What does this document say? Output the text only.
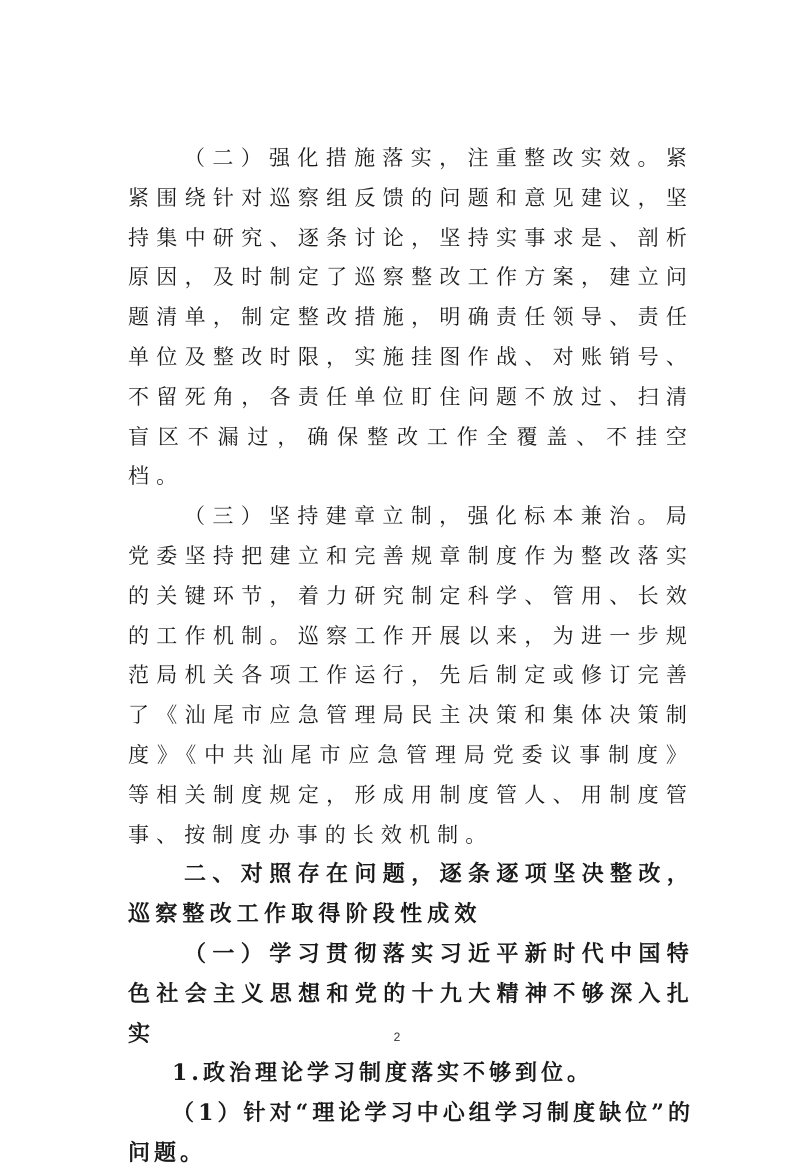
（二）强化措施落实，注重整改实效。紧紧围绕针对巡察组反馈的问题和意见建议，坚持集中研究、逐条讨论，坚持实事求是、剖析原因，及时制定了巡察整改工作方案，建立问题清单，制定整改措施，明确责任领导、责任单位及整改时限，实施挂图作战、对账销号、不留死角，各责任单位盯住问题不放过、扫清盲区不漏过，确保整改工作全覆盖、不挂空档。

（三）坚持建章立制，强化标本兼治。局党委坚持把建立和完善规章制度作为整改落实的关键环节，着力研究制定科学、管用、长效的工作机制。巡察工作开展以来，为进一步规范局机关各项工作运行，先后制定或修订完善了《汕尾市应急管理局民主决策和集体决策制度》《中共汕尾市应急管理局党委议事制度》等相关制度规定，形成用制度管人、用制度管事、按制度办事的长效机制。

二、对照存在问题，逐条逐项坚决整改，巡察整改工作取得阶段性成效

（一）学习贯彻落实习近平新时代中国特色社会主义思想和党的十九大精神不够深入扎实

1.政治理论学习制度落实不够到位。

（1）针对“理论学习中心组学习制度缺位”的问题。

2
